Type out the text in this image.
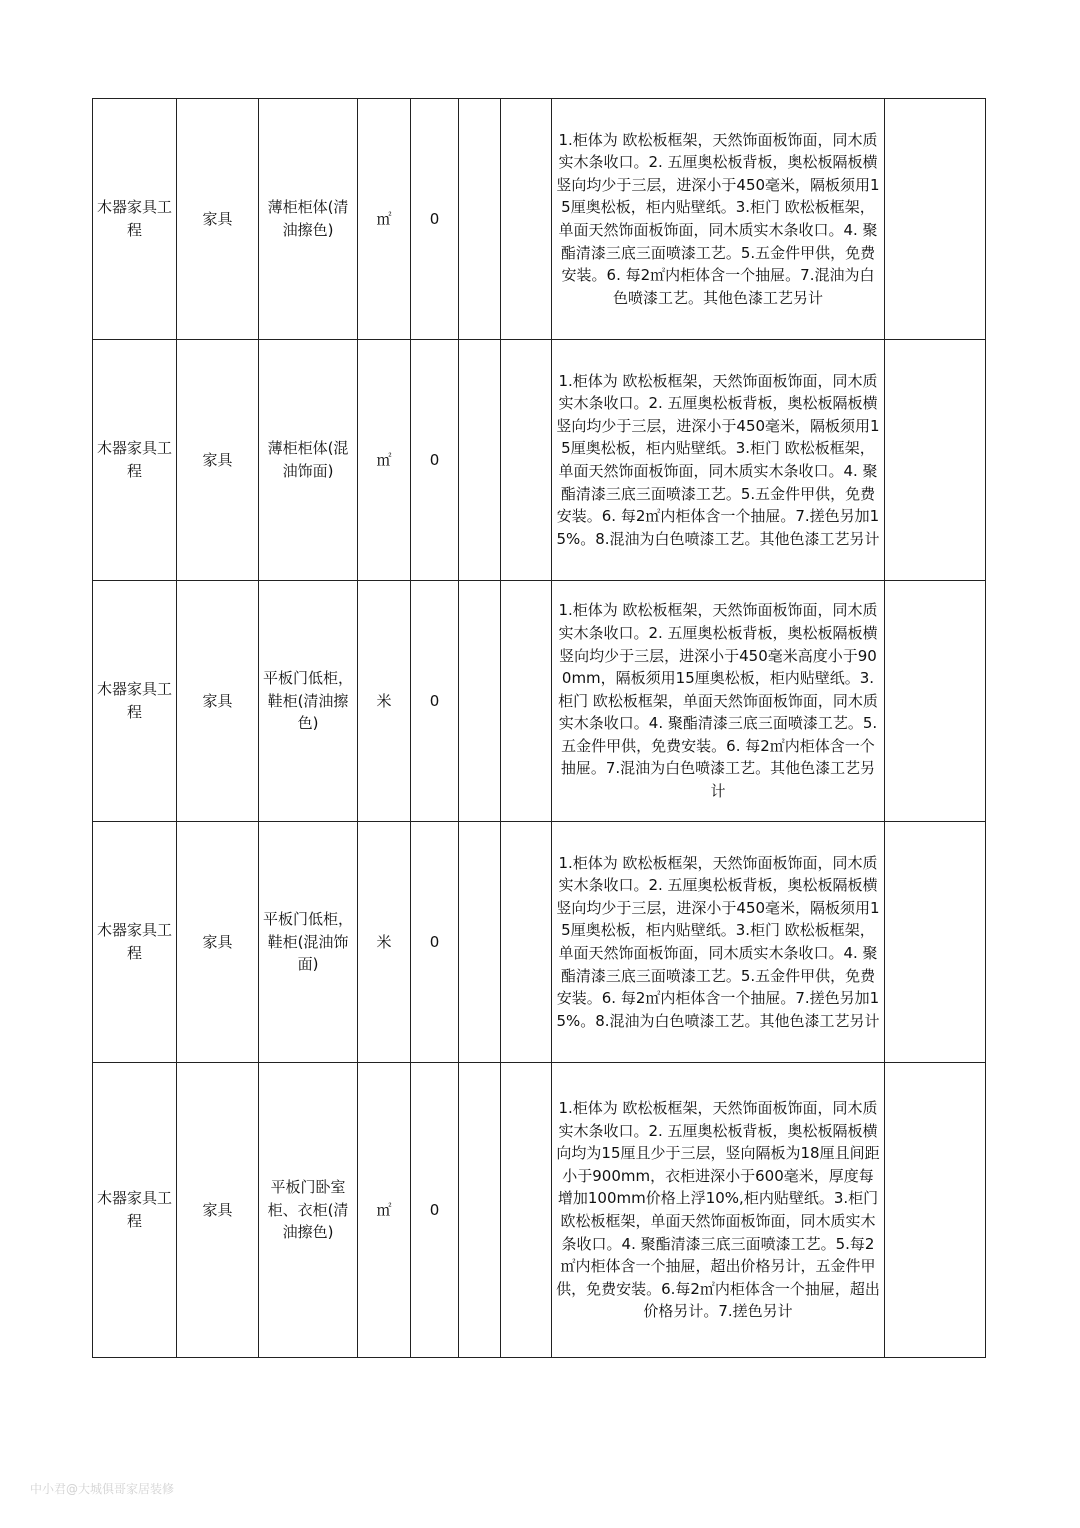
木器家具工程	家具	薄柜柜体(清油擦色)	㎡	0			1.柜体为 欧松板框架，天然饰面板饰面，同木质实木条收口。2. 五厘奥松板背板，奥松板隔板横竖向均少于三层，进深小于450毫米，隔板须用15厘奥松板，柜内贴壁纸。3.柜门 欧松板框架，单面天然饰面板饰面，同木质实木条收口。4. 聚酯清漆三底三面喷漆工艺。5.五金件甲供，免费安装。6. 每2㎡内柜体含一个抽屉。7.混油为白色喷漆工艺。其他色漆工艺另计	
木器家具工程	家具	薄柜柜体(混油饰面)	㎡	0			1.柜体为 欧松板框架，天然饰面板饰面，同木质实木条收口。2. 五厘奥松板背板，奥松板隔板横竖向均少于三层，进深小于450毫米，隔板须用15厘奥松板，柜内贴壁纸。3.柜门 欧松板框架，单面天然饰面板饰面，同木质实木条收口。4. 聚酯清漆三底三面喷漆工艺。5.五金件甲供，免费安装。6. 每2㎡内柜体含一个抽屉。7.搓色另加15%。8.混油为白色喷漆工艺。其他色漆工艺另计	
木器家具工程	家具	平板门低柜，鞋柜(清油擦色)	米	0			1.柜体为 欧松板框架，天然饰面板饰面，同木质实木条收口。2. 五厘奥松板背板，奥松板隔板横竖向均少于三层，进深小于450毫米高度小于900mm，隔板须用15厘奥松板，柜内贴壁纸。3.柜门 欧松板框架，单面天然饰面板饰面，同木质实木条收口。4. 聚酯清漆三底三面喷漆工艺。5.五金件甲供，免费安装。6. 每2㎡内柜体含一个抽屉。7.混油为白色喷漆工艺。其他色漆工艺另计	
木器家具工程	家具	平板门低柜，鞋柜(混油饰面)	米	0			1.柜体为 欧松板框架，天然饰面板饰面，同木质实木条收口。2. 五厘奥松板背板，奥松板隔板横竖向均少于三层，进深小于450毫米，隔板须用15厘奥松板，柜内贴壁纸。3.柜门 欧松板框架，单面天然饰面板饰面，同木质实木条收口。4. 聚酯清漆三底三面喷漆工艺。5.五金件甲供，免费安装。6. 每2㎡内柜体含一个抽屉。7.搓色另加15%。8.混油为白色喷漆工艺。其他色漆工艺另计	
木器家具工程	家具	平板门卧室柜、衣柜(清油擦色)	㎡	0			1.柜体为 欧松板框架，天然饰面板饰面，同木质实木条收口。2. 五厘奥松板背板，奥松板隔板横向均为15厘且少于三层，竖向隔板为18厘且间距小于900mm，衣柜进深小于600毫米，厚度每增加100mm价格上浮10%,柜内贴壁纸。3.柜门 欧松板框架，单面天然饰面板饰面，同木质实木条收口。4. 聚酯清漆三底三面喷漆工艺。5.每2㎡内柜体含一个抽屉，超出价格另计，五金件甲供，免费安装。6.每2㎡内柜体含一个抽屉，超出价格另计。7.搓色另计	
中小君@大城俱哥家居装修
